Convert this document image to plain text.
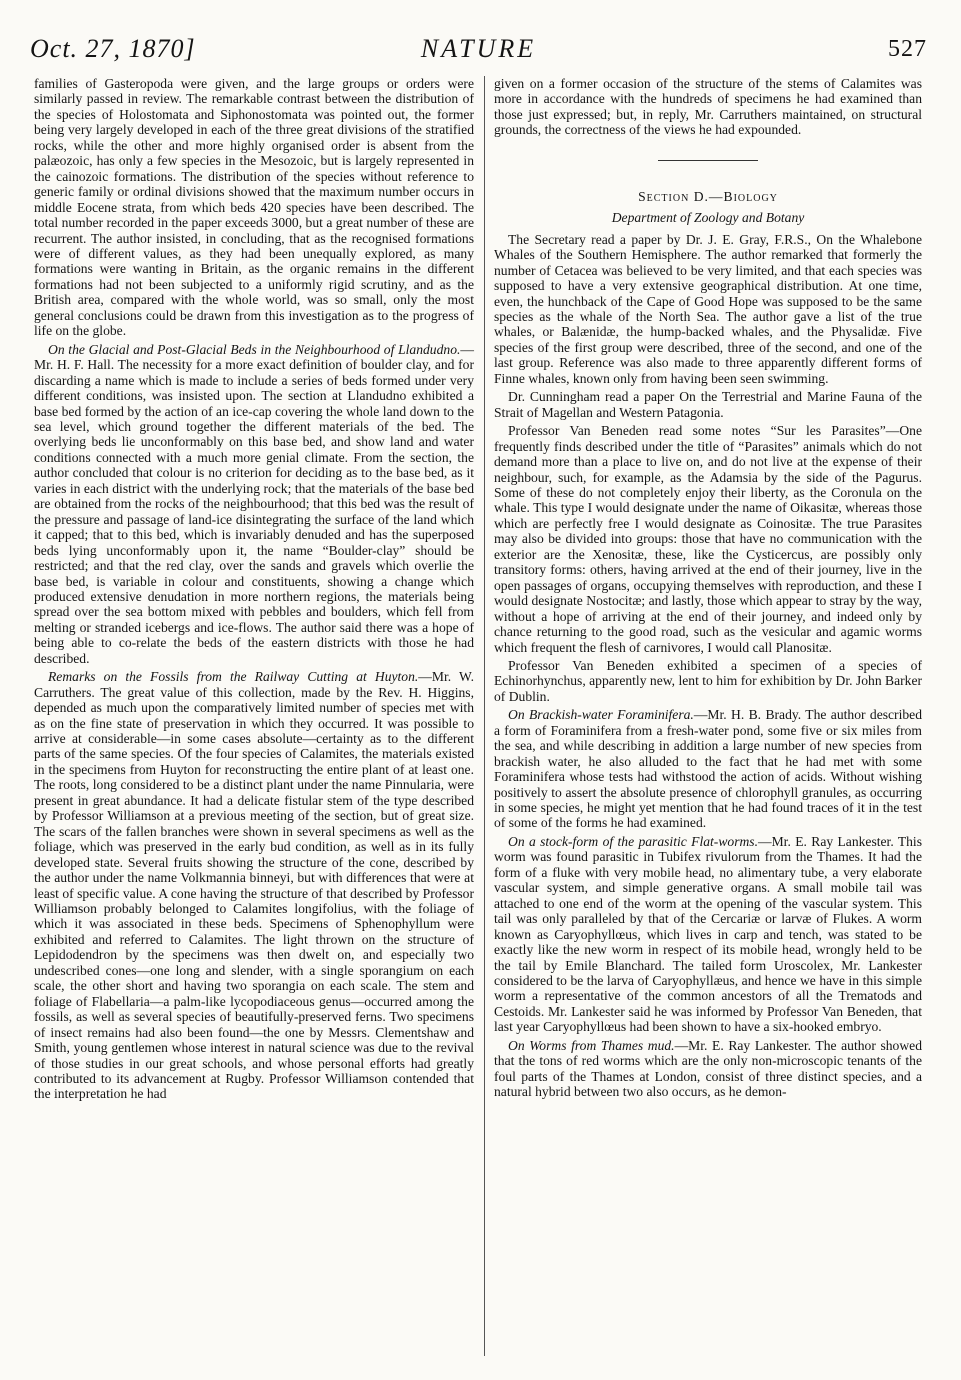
Oct. 27, 1870]	NATURE	527

families of Gasteropoda were given, and the large groups or orders were similarly passed in review. The remarkable contrast between the distribution of the species of Holostomata and Siphonostomata was pointed out, the former being very largely developed in each of the three great divisions of the stratified rocks, while the other and more highly organised order is absent from the palæozoic, has only a few species in the Mesozoic, but is largely represented in the cainozoic formations. The distribution of the species without reference to generic family or ordinal divisions showed that the maximum number occurs in middle Eocene strata, from which beds 420 species have been described. The total number recorded in the paper exceeds 3000, but a great number of these are recurrent. The author insisted, in concluding, that as the recognised formations were of different values, as they had been unequally explored, as many formations were wanting in Britain, as the organic remains in the different formations had not been subjected to a uniformly rigid scrutiny, and as the British area, compared with the whole world, was so small, only the most general conclusions could be drawn from this investigation as to the progress of life on the globe.

On the Glacial and Post-Glacial Beds in the Neighbourhood of Llandudno.—Mr. H. F. Hall. The necessity for a more exact definition of boulder clay, and for discarding a name which is made to include a series of beds formed under very different conditions, was insisted upon. The section at Llandudno exhibited a base bed formed by the action of an ice-cap covering the whole land down to the sea level, which ground together the different materials of the bed. The overlying beds lie unconformably on this base bed, and show land and water conditions connected with a much more genial climate. From the section, the author concluded that colour is no criterion for deciding as to the base bed, as it varies in each district with the underlying rock; that the materials of the base bed are obtained from the rocks of the neighbourhood; that this bed was the result of the pressure and passage of land-ice disintegrating the surface of the land which it capped; that to this bed, which is invariably denuded and has the superposed beds lying unconformably upon it, the name “Boulder-clay” should be restricted; and that the red clay, over the sands and gravels which overlie the base bed, is variable in colour and constituents, showing a change which produced extensive denudation in more northern regions, the materials being spread over the sea bottom mixed with pebbles and boulders, which fell from melting or stranded icebergs and ice-flows. The author said there was a hope of being able to co-relate the beds of the eastern districts with those he had described.

Remarks on the Fossils from the Railway Cutting at Huyton.—Mr. W. Carruthers. The great value of this collection, made by the Rev. H. Higgins, depended as much upon the comparatively limited number of species met with as on the fine state of preservation in which they occurred. It was possible to arrive at considerable—in some cases absolute—certainty as to the different parts of the same species. Of the four species of Calamites, the materials existed in the specimens from Huyton for reconstructing the entire plant of at least one. The roots, long considered to be a distinct plant under the name Pinnularia, were present in great abundance. It had a delicate fistular stem of the type described by Professor Williamson at a previous meeting of the section, but of great size. The scars of the fallen branches were shown in several specimens as well as the foliage, which was preserved in the early bud condition, as well as in its fully developed state. Several fruits showing the structure of the cone, described by the author under the name Volkmannia binneyi, but with differences that were at least of specific value. A cone having the structure of that described by Professor Williamson probably belonged to Calamites longifolius, with the foliage of which it was associated in these beds. Specimens of Sphenophyllum were exhibited and referred to Calamites. The light thrown on the structure of Lepidodendron by the specimens was then dwelt on, and especially two undescribed cones—one long and slender, with a single sporangium on each scale, the other short and having two sporangia on each scale. The stem and foliage of Flabellaria—a palm-like lycopodiaceous genus—occurred among the fossils, as well as several species of beautifully-preserved ferns. Two specimens of insect remains had also been found—the one by Messrs. Clementshaw and Smith, young gentlemen whose interest in natural science was due to the revival of those studies in our great schools, and whose personal efforts had greatly contributed to its advancement at Rugby. Professor Williamson contended that the interpretation he had

given on a former occasion of the structure of the stems of Calamites was more in accordance with the hundreds of specimens he had examined than those just expressed; but, in reply, Mr. Carruthers maintained, on structural grounds, the correctness of the views he had expounded.

Section D.—Biology
Department of Zoology and Botany

The Secretary read a paper by Dr. J. E. Gray, F.R.S., On the Whalebone Whales of the Southern Hemisphere. The author remarked that formerly the number of Cetacea was believed to be very limited, and that each species was supposed to have a very extensive geographical distribution. At one time, even, the hunchback of the Cape of Good Hope was supposed to be the same species as the whale of the North Sea. The author gave a list of the true whales, or Balænidæ, the hump-backed whales, and the Physalidæ. Five species of the first group were described, three of the second, and one of the last group. Reference was also made to three apparently different forms of Finne whales, known only from having been seen swimming.

Dr. Cunningham read a paper On the Terrestrial and Marine Fauna of the Strait of Magellan and Western Patagonia.

Professor Van Beneden read some notes “Sur les Parasites”—One frequently finds described under the title of “Parasites” animals which do not demand more than a place to live on, and do not live at the expense of their neighbour, such, for example, as the Adamsia by the side of the Pagurus. Some of these do not completely enjoy their liberty, as the Coronula on the whale. This type I would designate under the name of Oikasitæ, whereas those which are perfectly free I would designate as Coinositæ. The true Parasites may also be divided into groups: those that have no communication with the exterior are the Xenositæ, these, like the Cysticercus, are possibly only transitory forms: others, having arrived at the end of their journey, live in the open passages of organs, occupying themselves with reproduction, and these I would designate Nostocitæ; and lastly, those which appear to stray by the way, without a hope of arriving at the end of their journey, and indeed only by chance returning to the good road, such as the vesicular and agamic worms which frequent the flesh of carnivores, I would call Planositæ.

Professor Van Beneden exhibited a specimen of a species of Echinorhynchus, apparently new, lent to him for exhibition by Dr. John Barker of Dublin.

On Brackish-water Foraminifera.—Mr. H. B. Brady. The author described a form of Foraminifera from a fresh-water pond, some five or six miles from the sea, and while describing in addition a large number of new species from brackish water, he also alluded to the fact that he had met with some Foraminifera whose tests had withstood the action of acids. Without wishing positively to assert the absolute presence of chlorophyll granules, as occurring in some species, he might yet mention that he had found traces of it in the test of some of the forms he had examined.

On a stock-form of the parasitic Flat-worms.—Mr. E. Ray Lankester. This worm was found parasitic in Tubifex rivulorum from the Thames. It had the form of a fluke with very mobile head, no alimentary tube, a very elaborate vascular system, and simple generative organs. A small mobile tail was attached to one end of the worm at the opening of the vascular system. This tail was only paralleled by that of the Cercariæ or larvæ of Flukes. A worm known as Caryophyllœus, which lives in carp and tench, was stated to be exactly like the new worm in respect of its mobile head, wrongly held to be the tail by Emile Blanchard. The tailed form Uroscolex, Mr. Lankester considered to be the larva of Caryophyllæus, and hence we have in this simple worm a representative of the common ancestors of all the Trematods and Cestoids. Mr. Lankester said he was informed by Professor Van Beneden, that last year Caryophyllœus had been shown to have a six-hooked embryo.

On Worms from Thames mud.—Mr. E. Ray Lankester. The author showed that the tons of red worms which are the only non-microscopic tenants of the foul parts of the Thames at London, consist of three distinct species, and a natural hybrid between two also occurs, as he demon-
